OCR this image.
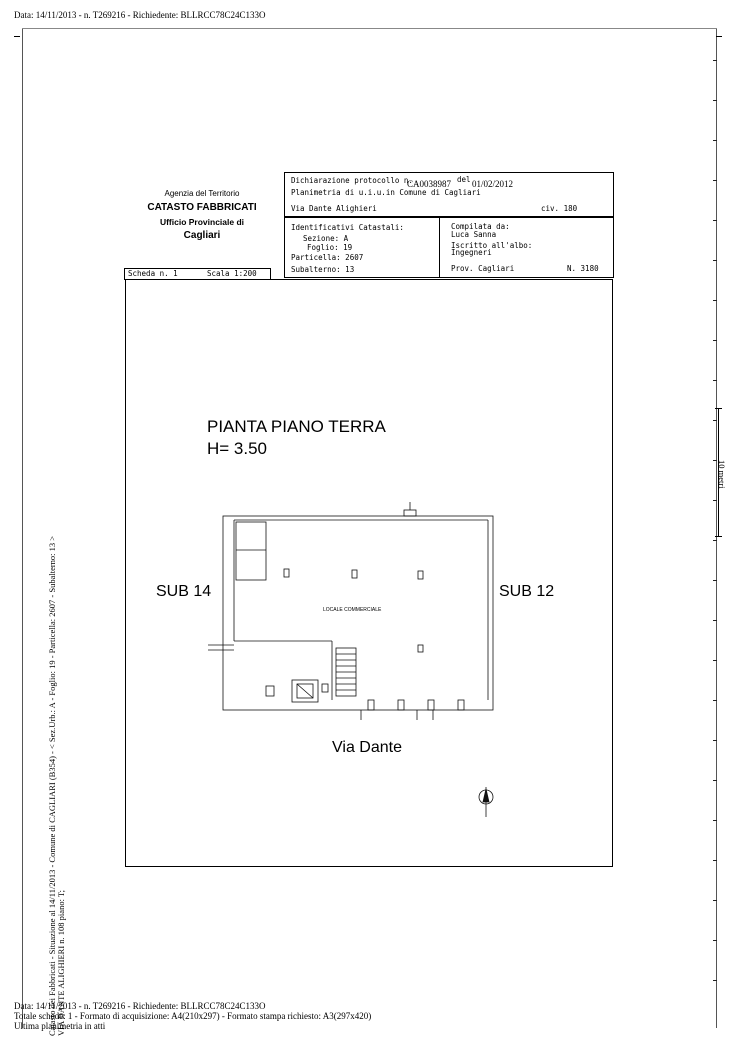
Data: 14/11/2013 - n. T269216 - Richiedente: BLLRCC78C24C133O
Agenzia del Territorio
CATASTO FABBRICATI
Ufficio Provinciale di
Cagliari
Dichiarazione protocollo n.
CA0038987 del 01/02/2012
Planimetria di u.i.u.in Comune di Cagliari
Via Dante Alighieri	civ. 180
Identificativi Catastali:
Sezione: A
Foglio: 19
Particella: 2607
Subalterno: 13
Compilata da:
Luca Sanna
Iscritto all'albo:
Ingegneri
Prov. Cagliari	N. 3180
Scheda n. 1	Scala 1:200
PIANTA PIANO TERRA
H= 3.50
SUB 14	SUB 12
Via Dante
LOCALE COMMERCIALE
10 metri
Catasto dei Fabbricati - Situazione al 14/11/2013 - Comune di CAGLIARI (B354) - < Sez.Urb.: A - Foglio: 19 - Particella: 2607 - Subalterno: 13 > VIA DANTE ALIGHIERI n. 108 piano: T;
Data: 14/11/2013 - n. T269216 - Richiedente: BLLRCC78C24C133O
Totale schede: 1 - Formato di acquisizione: A4(210x297) - Formato stampa richiesto: A3(297x420)
Ultima planimetria in atti
